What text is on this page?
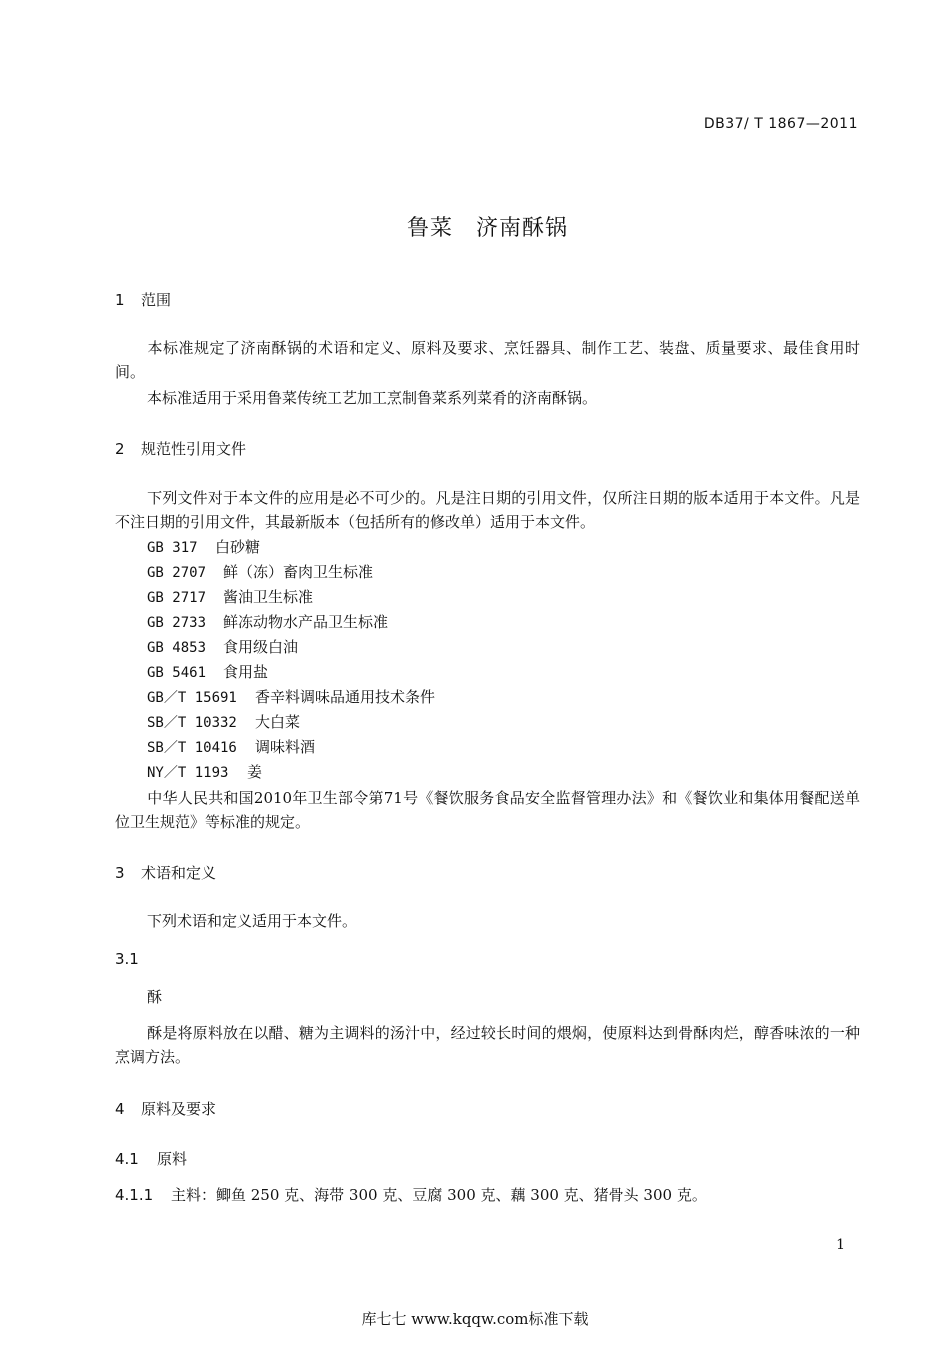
DB37/ T 1867—2011
鲁菜　济南酥锅
1 范围
本标准规定了济南酥锅的术语和定义、原料及要求、烹饪器具、制作工艺、装盘、质量要求、最佳食用时间。
本标准适用于采用鲁菜传统工艺加工烹制鲁菜系列菜肴的济南酥锅。
2 规范性引用文件
下列文件对于本文件的应用是必不可少的。凡是注日期的引用文件，仅所注日期的版本适用于本文件。凡是不注日期的引用文件，其最新版本（包括所有的修改单）适用于本文件。
GB 317 白砂糖
GB 2707 鲜（冻）畜肉卫生标准
GB 2717 酱油卫生标准
GB 2733 鲜冻动物水产品卫生标准
GB 4853 食用级白油
GB 5461 食用盐
GB／T 15691 香辛料调味品通用技术条件
SB／T 10332 大白菜
SB／T 10416 调味料酒
NY／T 1193 姜
中华人民共和国2010年卫生部令第71号《餐饮服务食品安全监督管理办法》和《餐饮业和集体用餐配送单位卫生规范》等标准的规定。
3 术语和定义
下列术语和定义适用于本文件。
3.1
酥
酥是将原料放在以醋、糖为主调料的汤汁中，经过较长时间的煨焖，使原料达到骨酥肉烂，醇香味浓的一种烹调方法。
4 原料及要求
4.1 原料
4.1.1 主料：鲫鱼 250 克、海带 300 克、豆腐 300 克、藕 300 克、猪骨头 300 克。
1
库七七 www.kqqw.com标准下载
